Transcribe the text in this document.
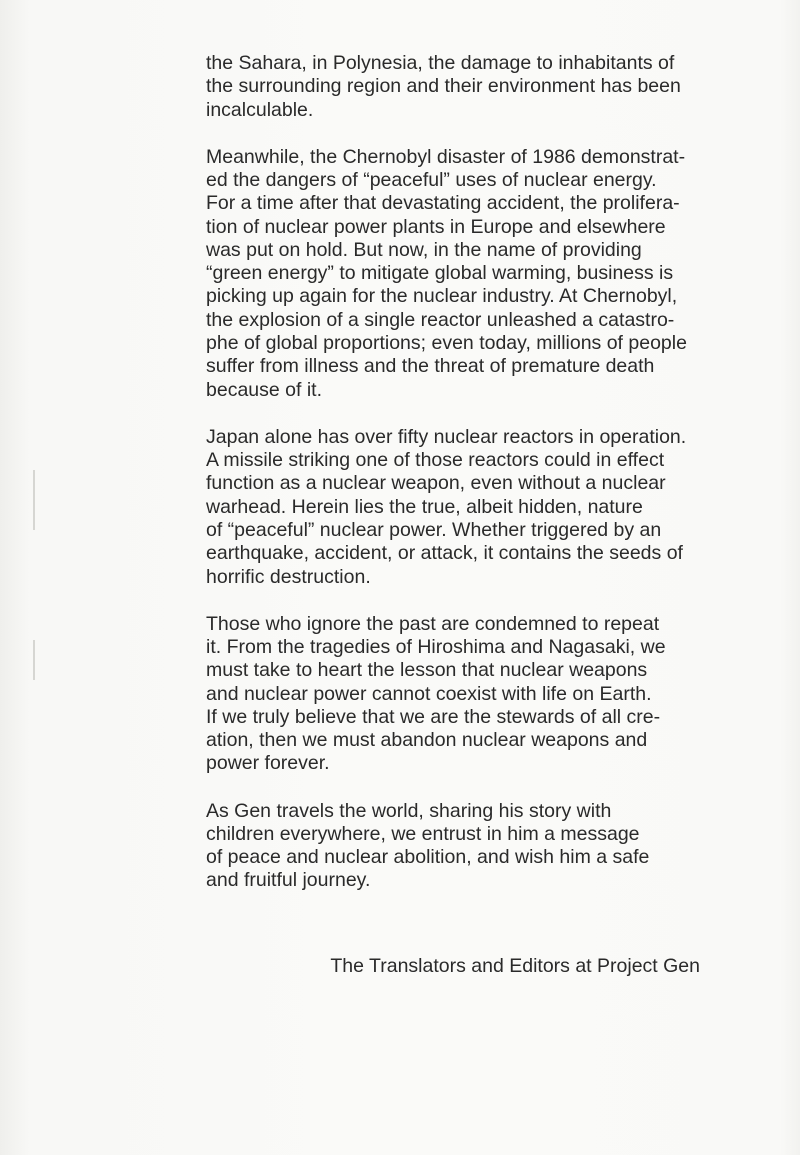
the Sahara, in Polynesia, the damage to inhabitants of
the surrounding region and their environment has been
incalculable.
Meanwhile, the Chernobyl disaster of 1986 demonstrat-
ed the dangers of “peaceful” uses of nuclear energy.
For a time after that devastating accident, the prolifera-
tion of nuclear power plants in Europe and elsewhere
was put on hold. But now, in the name of providing
“green energy” to mitigate global warming, business is
picking up again for the nuclear industry. At Chernobyl,
the explosion of a single reactor unleashed a catastro-
phe of global proportions; even today, millions of people
suffer from illness and the threat of premature death
because of it.
Japan alone has over fifty nuclear reactors in operation.
A missile striking one of those reactors could in effect
function as a nuclear weapon, even without a nuclear
warhead. Herein lies the true, albeit hidden, nature
of “peaceful” nuclear power. Whether triggered by an
earthquake, accident, or attack, it contains the seeds of
horrific destruction.
Those who ignore the past are condemned to repeat
it. From the tragedies of Hiroshima and Nagasaki, we
must take to heart the lesson that nuclear weapons
and nuclear power cannot coexist with life on Earth.
If we truly believe that we are the stewards of all cre-
ation, then we must abandon nuclear weapons and
power forever.
As Gen travels the world, sharing his story with
children everywhere, we entrust in him a message
of peace and nuclear abolition, and wish him a safe
and fruitful journey.
The Translators and Editors at Project Gen
